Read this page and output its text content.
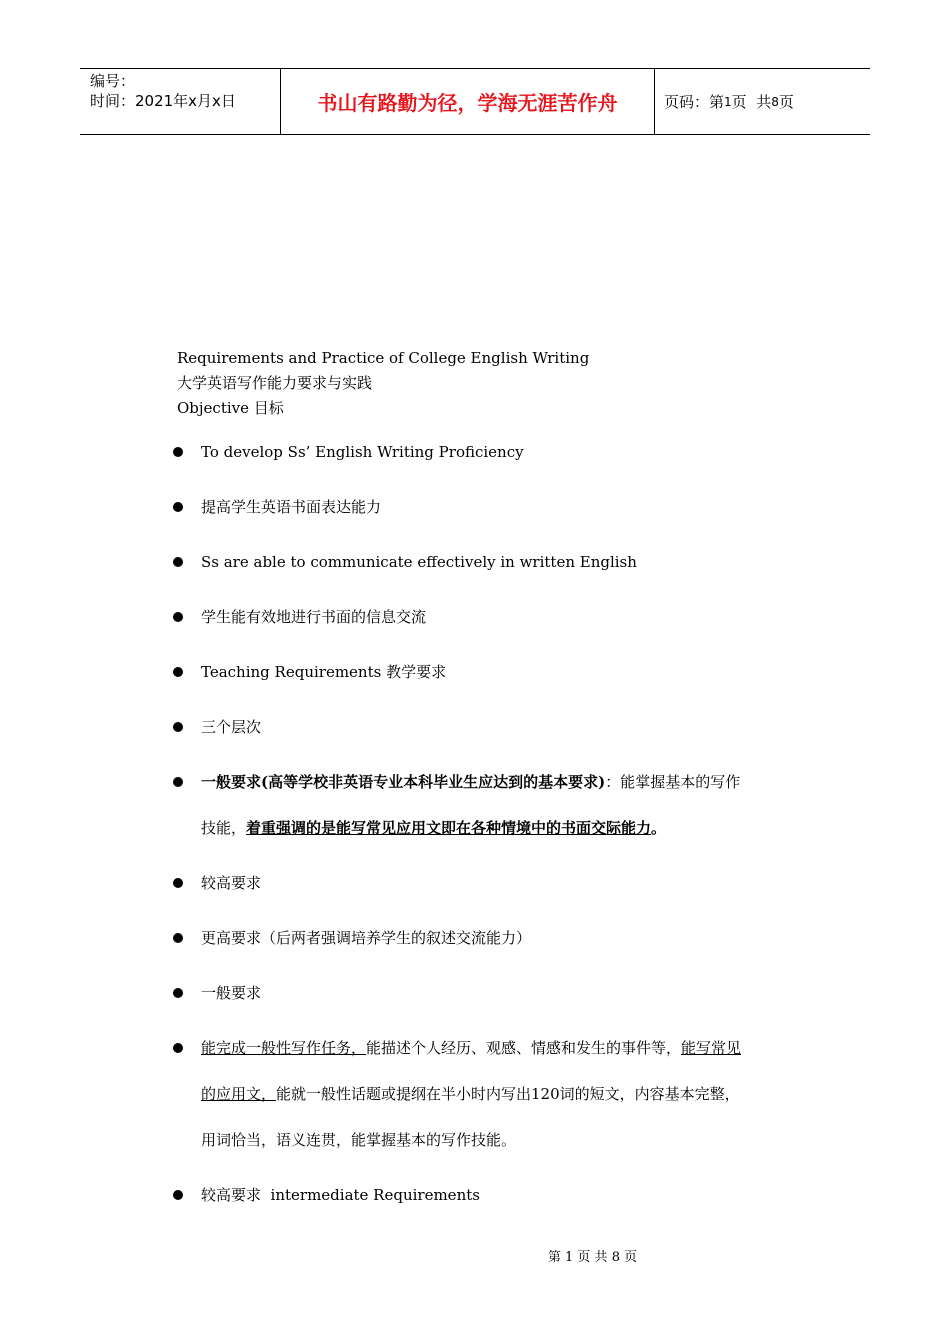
编号：
时间：2021年x月x日	书山有路勤为径，学海无涯苦作舟	页码：第 1 页  共 8 页
Requirements and Practice of College English Writing
大学英语写作能力要求与实践
Objective 目标
To develop Ss’ English Writing Proficiency
提高学生英语书面表达能力
Ss are able to communicate effectively in written English
学生能有效地进行书面的信息交流
Teaching Requirements 教学要求
三个层次
一般要求(高等学校非英语专业本科毕业生应达到的基本要求)：能掌握基本的写作
技能，着重强调的是能写常见应用文即在各种情境中的书面交际能力。
较高要求
更高要求（后两者强调培养学生的叙述交流能力）
一般要求
能完成一般性写作任务，能描述个人经历、观感、情感和发生的事件等，能写常见
的应用文，能就一般性话题或提纲在半小时内写出120词的短文，内容基本完整，
用词恰当，语义连贯，能掌握基本的写作技能。
较高要求  intermediate Requirements
第 1 页 共 8 页
